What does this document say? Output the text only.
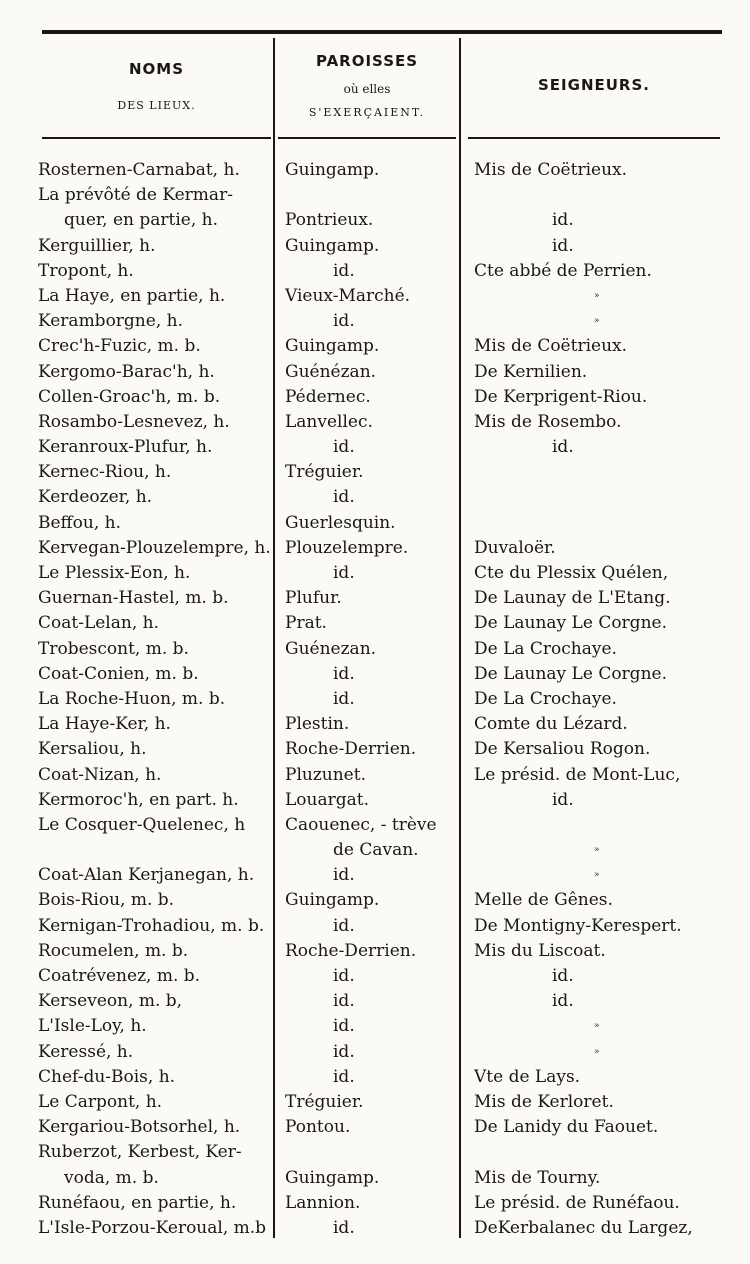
NOMS
DES LIEUX.
PAROISSES
où elles
S'EXERÇAIENT.
SEIGNEURS.
Rosternen-Carnabat, h.	Guingamp.	Mis de Coëtrieux.
La prévôté de Kermar-
quer, en partie, h.	Pontrieux.	id.
Kerguillier, h.	Guingamp.	id.
Tropont, h.	id.	Cte abbé de Perrien.
La Haye, en partie, h.	Vieux-Marché.	»
Keramborgne, h.	id.	»
Crec'h-Fuzic, m. b.	Guingamp.	Mis de Coëtrieux.
Kergomo-Barac'h, h.	Guénézan.	De Kernilien.
Collen-Groac'h, m. b.	Pédernec.	De Kerprigent-Riou.
Rosambo-Lesnevez, h.	Lanvellec.	Mis de Rosembo.
Keranroux-Plufur, h.	id.	id.
Kernec-Riou, h.	Tréguier.
Kerdeozer, h.	id.
Beffou, h.	Guerlesquin.
Kervegan-Plouzelempre, h. Plouzelempre.	Duvaloër.
Le Plessix-Eon, h.	id.	Cte du Plessix Quélen,
Guernan-Hastel, m. b.	Plufur.	De Launay de L'Etang.
Coat-Lelan, h.	Prat.	De Launay Le Corgne.
Trobescont, m. b.	Guénezan.	De La Crochaye.
Coat-Conien, m. b.	id.	De Launay Le Corgne.
La Roche-Huon, m. b.	id.	De La Crochaye.
La Haye-Ker, h.	Plestin.	Comte du Lézard.
Kersaliou, h.	Roche-Derrien.	De Kersaliou Rogon.
Coat-Nizan, h.	Pluzunet.	Le présid. de Mont-Luc,
Kermoroc'h, en part. h.	Louargat.	id.
Le Cosquer-Quelenec, h	Caouenec, - trève
de Cavan.	»
Coat-Alan Kerjanegan, h.	id.	»
Bois-Riou, m. b.	Guingamp.	Melle de Gênes.
Kernigan-Trohadiou, m. b.	id.	De Montigny-Kerespert.
Rocumelen, m. b.	Roche-Derrien.	Mis du Liscoat.
Coatrévenez, m. b.	id.	id.
Kerseveon, m. b,	id.	id.
L'Isle-Loy, h.	id.	»
Keressé, h.	id.	»
Chef-du-Bois, h.	id.	Vte de Lays.
Le Carpont, h.	Tréguier.	Mis de Kerloret.
Kergariou-Botsorhel, h.	Pontou.	De Lanidy du Faouet.
Ruberzot, Kerbest, Ker-
voda, m. b.	Guingamp.	Mis de Tourny.
Runéfaou, en partie, h.	Lannion.	Le présid. de Runéfaou.
L'Isle-Porzou-Keroual, m.b	id.	DeKerbalanec du Largez,
